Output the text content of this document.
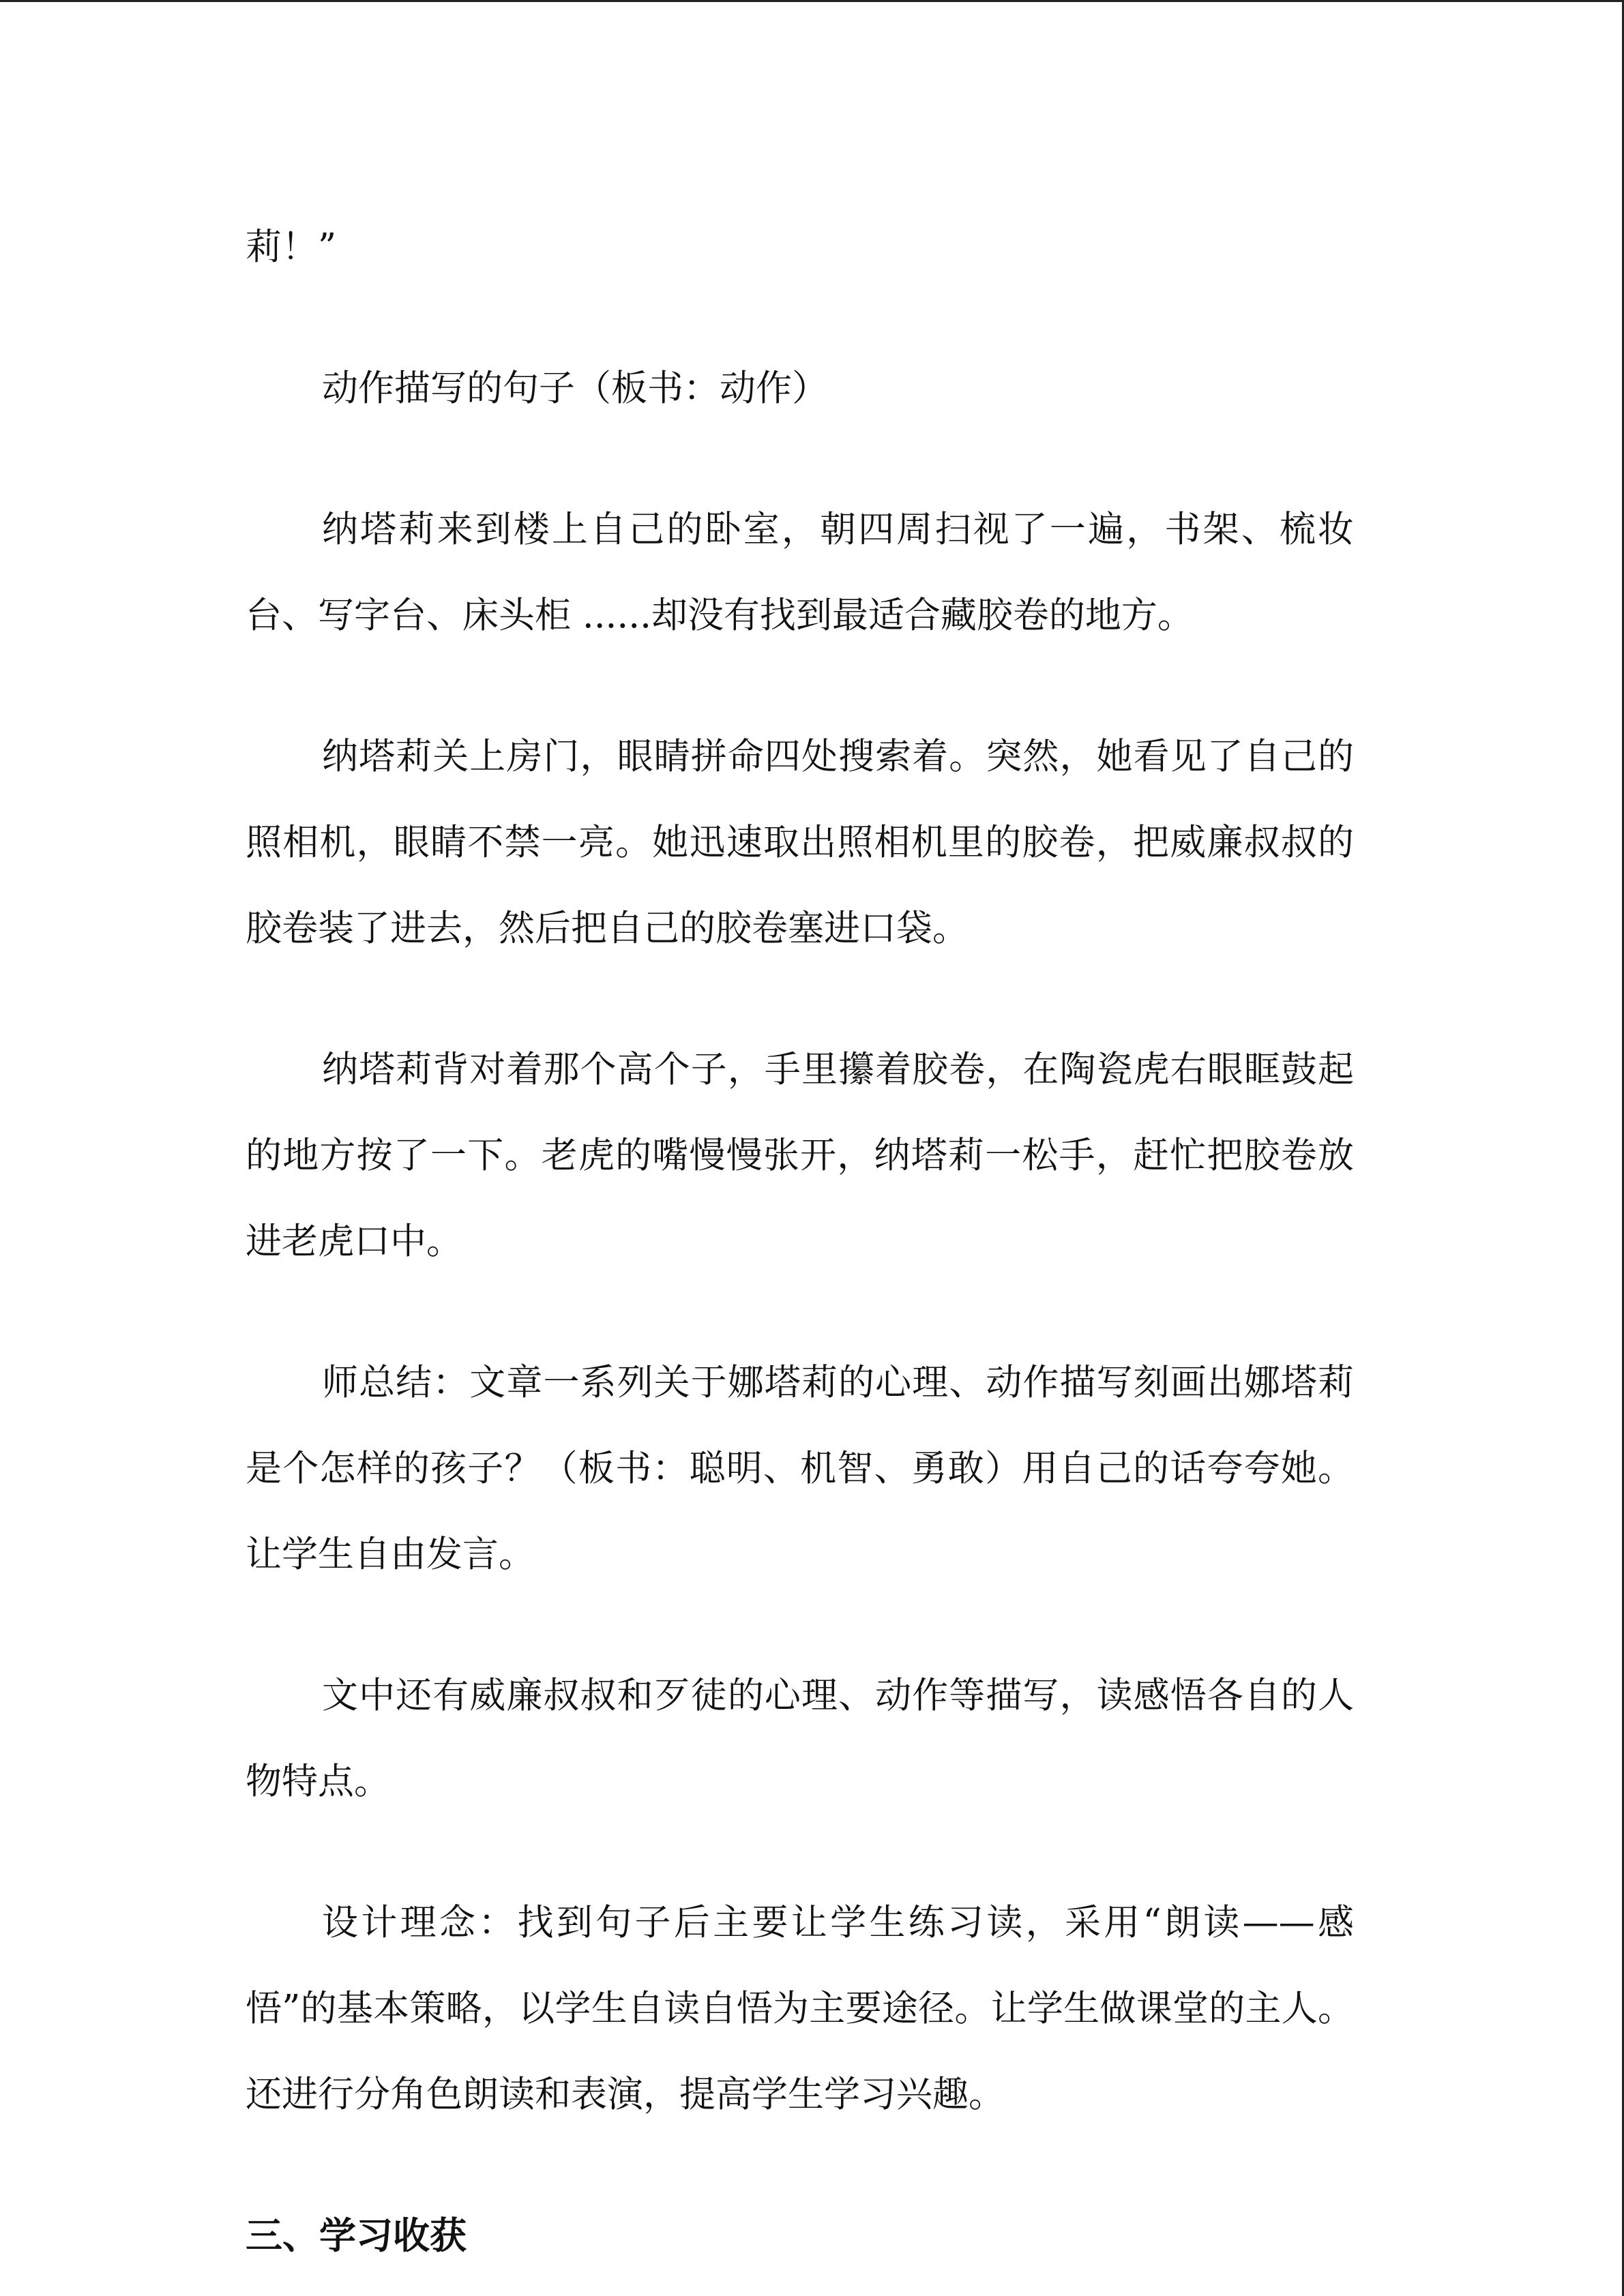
莉！”

动作描写的句子（板书：动作）

纳塔莉来到楼上自己的卧室，朝四周扫视了一遍，书架、梳妆台、写字台、床头柜 ......却没有找到最适合藏胶卷的地方。

纳塔莉关上房门，眼睛拼命四处搜索着。突然，她看见了自己的照相机，眼睛不禁一亮。她迅速取出照相机里的胶卷，把威廉叔叔的胶卷装了进去，然后把自己的胶卷塞进口袋。

纳塔莉背对着那个高个子，手里攥着胶卷，在陶瓷虎右眼眶鼓起的地方按了一下。老虎的嘴慢慢张开，纳塔莉一松手，赶忙把胶卷放进老虎口中。

师总结：文章一系列关于娜塔莉的心理、动作描写刻画出娜塔莉是个怎样的孩子？（板书：聪明、机智、勇敢）用自己的话夸夸她。让学生自由发言。

文中还有威廉叔叔和歹徒的心理、动作等描写，读感悟各自的人物特点。

设计理念：找到句子后主要让学生练习读，采用“朗读——感悟”的基本策略，以学生自读自悟为主要途径。让学生做课堂的主人。还进行分角色朗读和表演，提高学生学习兴趣。

三、学习收获
